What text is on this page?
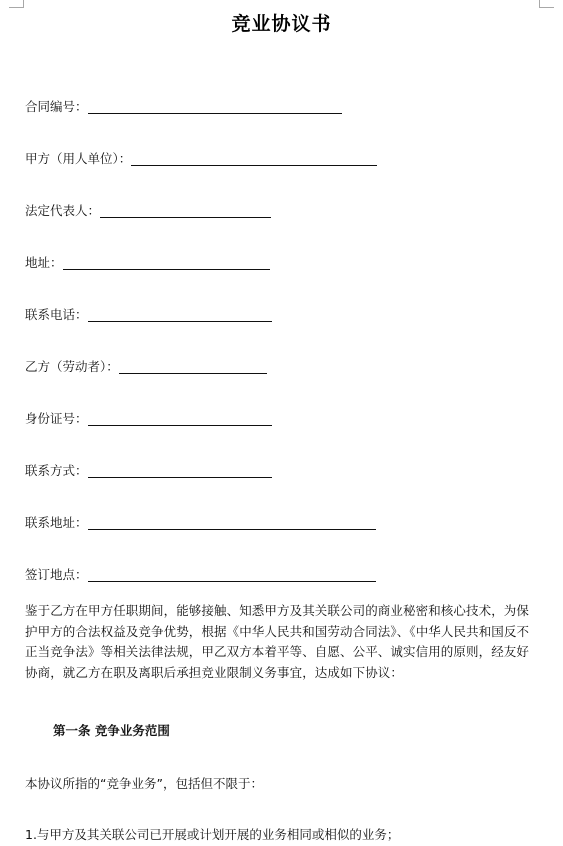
竞业协议书
合同编号：
甲方（用人单位）：
法定代表人：
地址：
联系电话：
乙方（劳动者）：
身份证号：
联系方式：
联系地址：
签订地点：
鉴于乙方在甲方任职期间，能够接触、知悉甲方及其关联公司的商业秘密和核心技术，为保护甲方的合法权益及竞争优势，根据《中华人民共和国劳动合同法》、《中华人民共和国反不正当竞争法》等相关法律法规，甲乙双方本着平等、自愿、公平、诚实信用的原则，经友好协商，就乙方在职及离职后承担竞业限制义务事宜，达成如下协议：
第一条 竞争业务范围
本协议所指的“竞争业务”，包括但不限于：
1.与甲方及其关联公司已开展或计划开展的业务相同或相似的业务；
